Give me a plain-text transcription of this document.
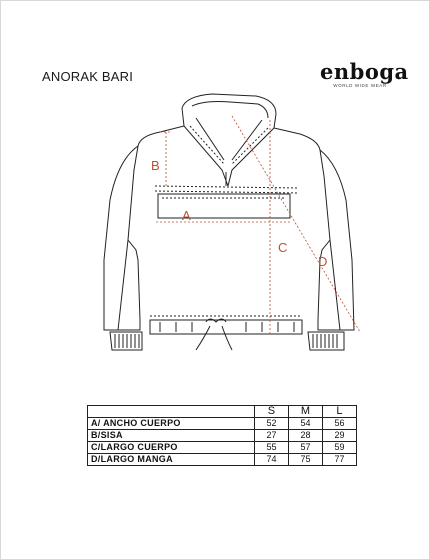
ANORAK BARI	enboga
WORLD WIDE WEAR
B
A
C
D
	S	M	L
A/ ANCHO CUERPO	52	54	56
B/SISA	27	28	29
C/LARGO CUERPO	55	57	59
D/LARGO MANGA	74	75	77
